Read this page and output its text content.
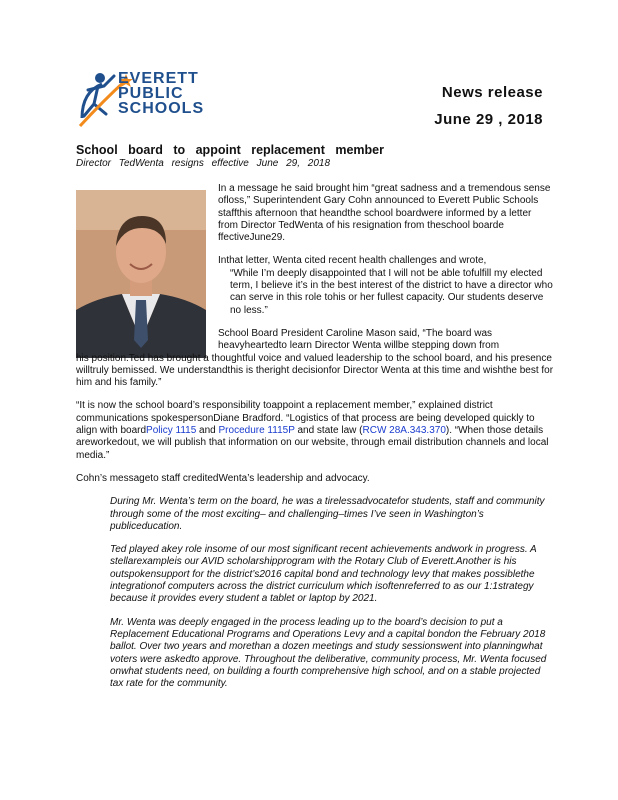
EVERETT
PUBLIC
SCHOOLS
News release
June 29 , 2018
School board to appoint replacement member
Director TedWenta resigns effective June 29, 2018

In a message he said brought him “great sadness and a tremendous sense ofloss,” Superintendent Gary Cohn announced to Everett Public Schools staffthis afternoon that heandthe school boardwere informed by a letter from Director TedWenta of his resignation from theschool boarde ffectiveJune29.

Inthat letter, Wenta cited recent health challenges and wrote,
“While I’m deeply disappointed that I will not be able tofulfill my elected term, I believe it’s in the best interest of the district to have a director who can serve in this role tohis or her fullest capacity. Our students deserve no less.”

School Board President Caroline Mason said, “The board was heavyheartedto learn Director Wenta willbe stepping down from
his position.Ted has brought a thoughtful voice and valued leadership to the school board, and his presence willtruly bemissed. We understandthis is theright decisionfor Director Wenta at this time and wishthe best for him and his family.”

“It is now the school board’s responsibility toappoint a replacement member,” explained district communications spokespersonDiane Bradford. “Logistics of that process are being developed quickly to align with boardPolicy 1115 and Procedure 1115P and state law (RCW 28A.343.370). “When those details areworkedout, we will publish that information on our website, through email distribution channels and local media.”

Cohn’s messageto staff creditedWenta’s leadership and advocacy.

During Mr. Wenta’s term on the board, he was a tirelessadvocatefor students, staff and community through some of the most exciting– and challenging–times I’ve seen in Washington’s publiceducation.

Ted played akey role insome of our most significant recent achievements andwork in progress. A stellarexampleis our AVID scholarshipprogram with the Rotary Club of Everett.Another is his outspokensupport for the district’s2016 capital bond and technology levy that makes possiblethe integrationof computers across the district curriculum which isoftenreferred to as our 1:1strategy because it provides every student a tablet or laptop by 2021.

Mr. Wenta was deeply engaged in the process leading up to the board’s decision to put a Replacement Educational Programs and Operations Levy and a capital bondon the February 2018 ballot. Over two years and morethan a dozen meetings and study sessionswent into planningwhat voters were askedto approve. Throughout the deliberative, community process, Mr. Wenta focused onwhat students need, on building a fourth comprehensive high school, and on a stable projected tax rate for the community.
